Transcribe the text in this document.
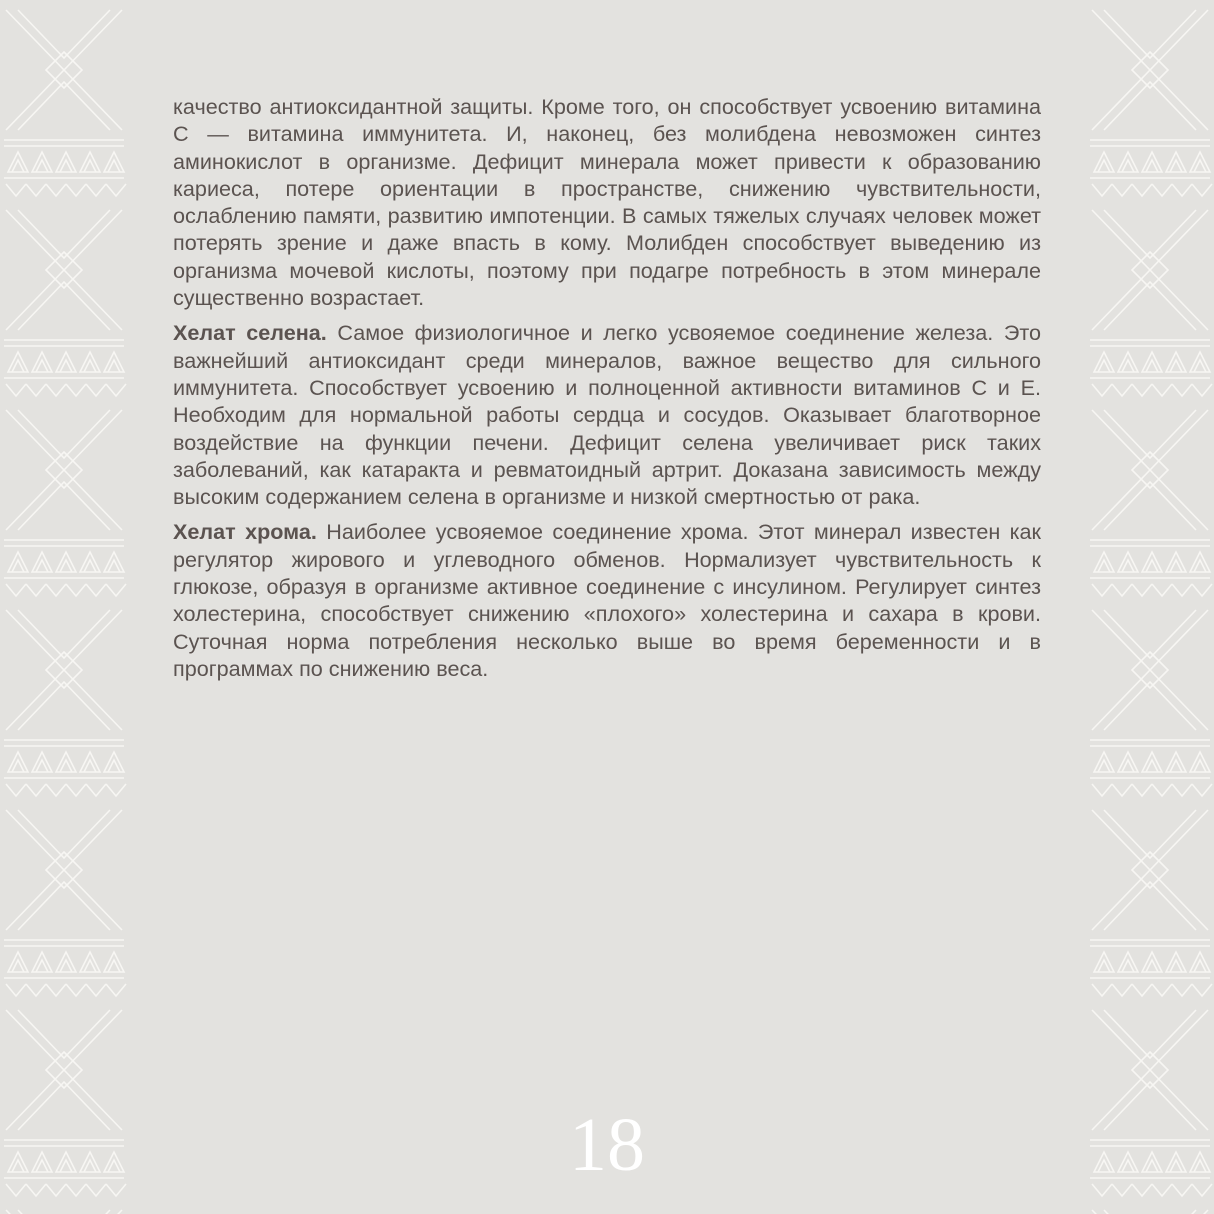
качество антиоксидантной защиты. Кроме того, он способствует усвоению витамина С — витамина иммунитета. И, наконец, без молибдена невозможен синтез аминокислот в организме. Дефицит минерала может привести к образованию кариеса, потере ориентации в пространстве, снижению чувствительности, ослаблению памяти, развитию импотенции. В самых тяжелых случаях человек может потерять зрение и даже впасть в кому. Молибден способствует выведению из организма мочевой кислоты, поэтому при подагре потребность в этом минерале существенно возрастает.

Хелат селена. Самое физиологичное и легко усвояемое соединение железа. Это важнейший антиоксидант среди минералов, важное вещество для сильного иммунитета. Способствует усвоению и полноценной активности витаминов С и Е. Необходим для нормальной работы сердца и сосудов. Оказывает благотворное воздействие на функции печени. Дефицит селена увеличивает риск таких заболеваний, как катаракта и ревматоидный артрит. Доказана зависимость между высоким содержанием селена в организме и низкой смертностью от рака.

Хелат хрома. Наиболее усвояемое соединение хрома. Этот минерал известен как регулятор жирового и углеводного обменов. Нормализует чувствительность к глюкозе, образуя в организме активное соединение с инсулином. Регулирует синтез холестерина, способствует снижению «плохого» холестерина и сахара в крови. Суточная норма потребления несколько выше во время беременности и в программах по снижению веса.

18
